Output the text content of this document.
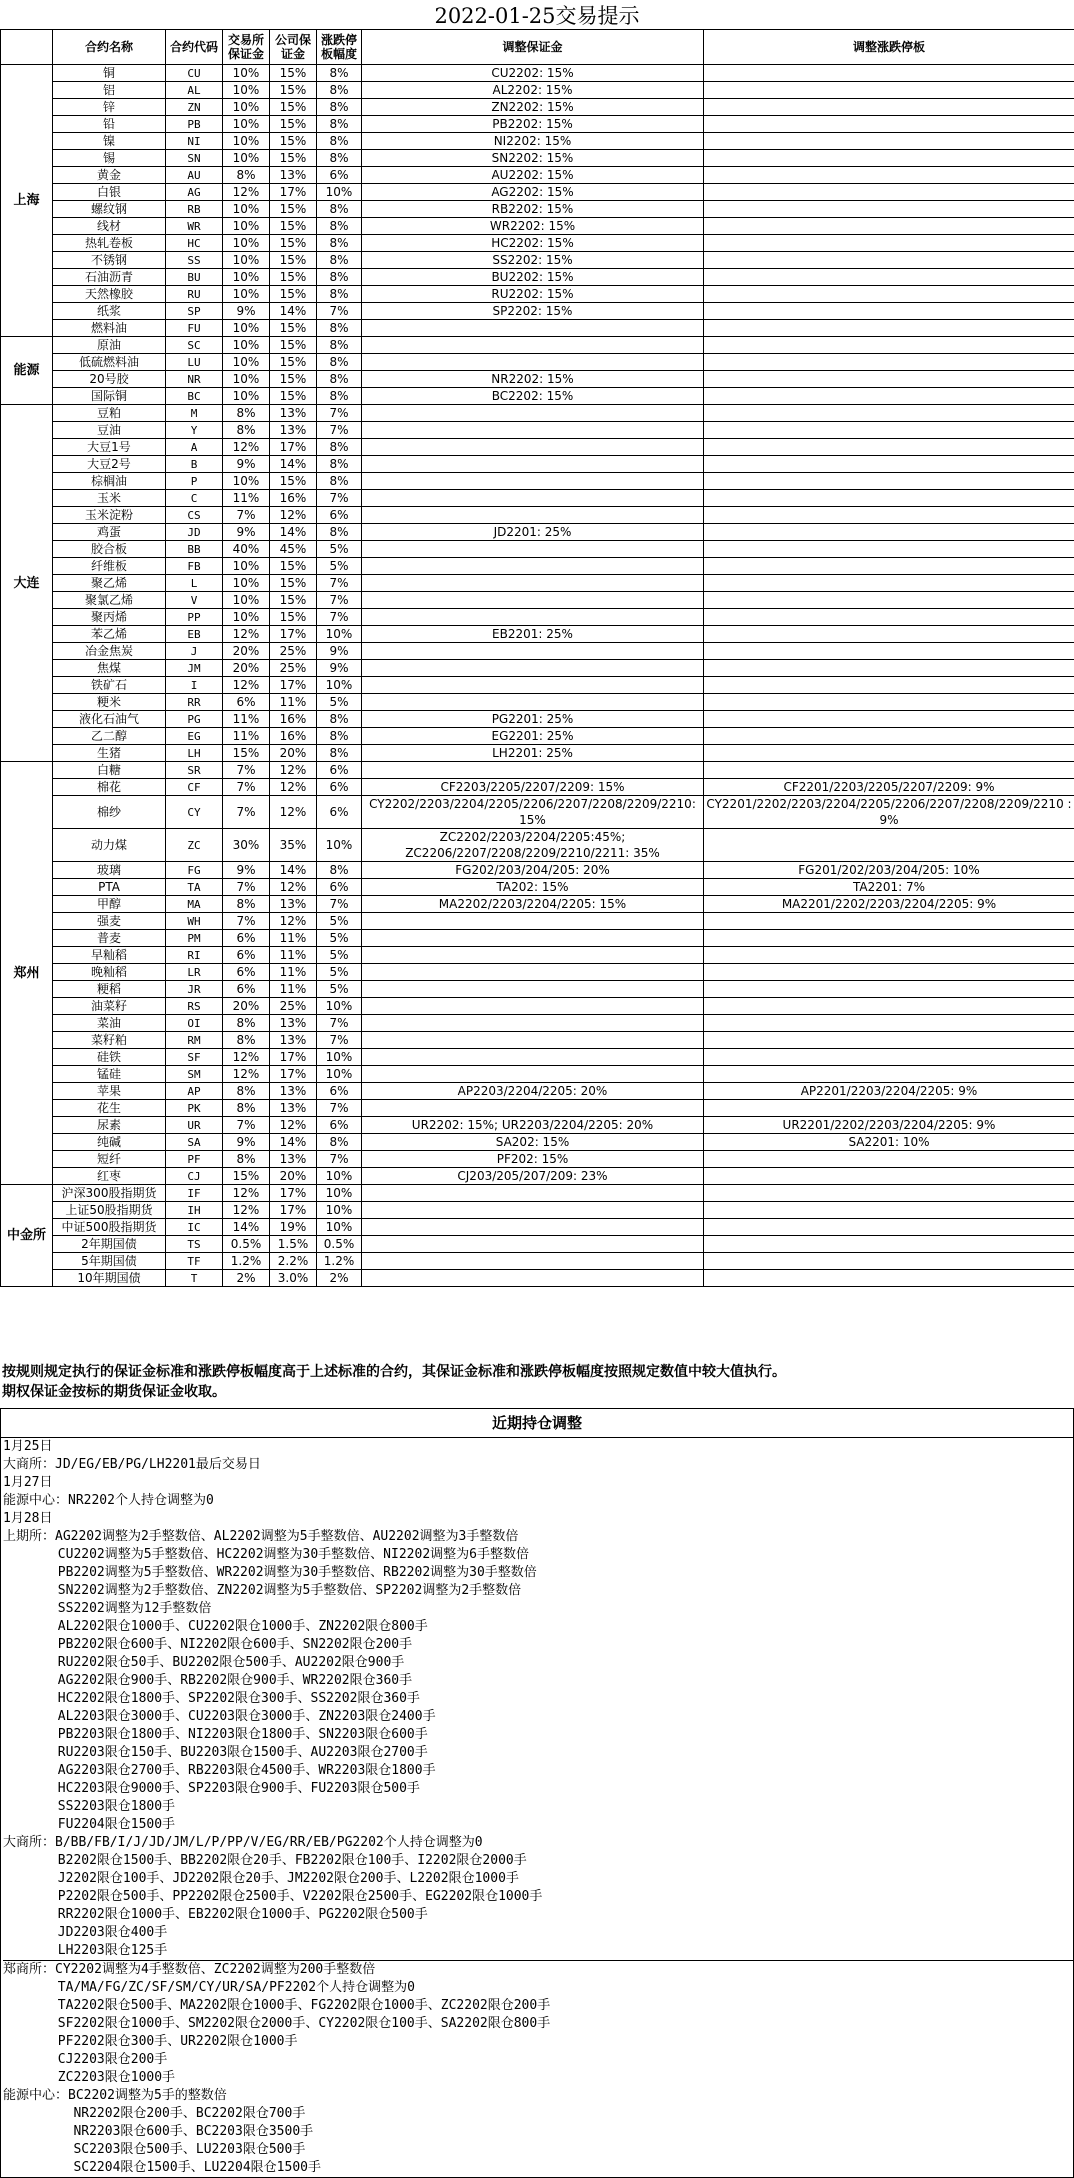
2022-01-25交易提示
	合约名称	合约代码	交易所保证金	公司保证金	涨跌停板幅度	调整保证金	调整涨跌停板
上海	铜	CU	10%	15%	8%	CU2202: 15%	
	铝	AL	10%	15%	8%	AL2202: 15%	
	锌	ZN	10%	15%	8%	ZN2202: 15%	
	铅	PB	10%	15%	8%	PB2202: 15%	
	镍	NI	10%	15%	8%	NI2202: 15%	
	锡	SN	10%	15%	8%	SN2202: 15%	
	黄金	AU	8%	13%	6%	AU2202: 15%	
	白银	AG	12%	17%	10%	AG2202: 15%	
	螺纹钢	RB	10%	15%	8%	RB2202: 15%	
	线材	WR	10%	15%	8%	WR2202: 15%	
	热轧卷板	HC	10%	15%	8%	HC2202: 15%	
	不锈钢	SS	10%	15%	8%	SS2202: 15%	
	石油沥青	BU	10%	15%	8%	BU2202: 15%	
	天然橡胶	RU	10%	15%	8%	RU2202: 15%	
	纸浆	SP	9%	14%	7%	SP2202: 15%	
	燃料油	FU	10%	15%	8%		
能源	原油	SC	10%	15%	8%		
	低硫燃料油	LU	10%	15%	8%		
	20号胶	NR	10%	15%	8%	NR2202: 15%	
	国际铜	BC	10%	15%	8%	BC2202: 15%	
大连	豆粕	M	8%	13%	7%		
	豆油	Y	8%	13%	7%		
	大豆1号	A	12%	17%	8%		
	大豆2号	B	9%	14%	8%		
	棕榈油	P	10%	15%	8%		
	玉米	C	11%	16%	7%		
	玉米淀粉	CS	7%	12%	6%		
	鸡蛋	JD	9%	14%	8%	JD2201: 25%	
	胶合板	BB	40%	45%	5%		
	纤维板	FB	10%	15%	5%		
	聚乙烯	L	10%	15%	7%		
	聚氯乙烯	V	10%	15%	7%		
	聚丙烯	PP	10%	15%	7%		
	苯乙烯	EB	12%	17%	10%	EB2201: 25%	
	冶金焦炭	J	20%	25%	9%		
	焦煤	JM	20%	25%	9%		
	铁矿石	I	12%	17%	10%		
	粳米	RR	6%	11%	5%		
	液化石油气	PG	11%	16%	8%	PG2201: 25%	
	乙二醇	EG	11%	16%	8%	EG2201: 25%	
	生猪	LH	15%	20%	8%	LH2201: 25%	
郑州	白糖	SR	7%	12%	6%		
	棉花	CF	7%	12%	6%	CF2203/2205/2207/2209: 15%	CF2201/2203/2205/2207/2209: 9%
	棉纱	CY	7%	12%	6%	CY2202/2203/2204/2205/2206/2207/2208/2209/2210: 15%	CY2201/2202/2203/2204/2205/2206/2207/2208/2209/2210 : 9%
	动力煤	ZC	30%	35%	10%	ZC2202/2203/2204/2205:45%; ZC2206/2207/2208/2209/2210/2211: 35%	
	玻璃	FG	9%	14%	8%	FG202/203/204/205: 20%	FG201/202/203/204/205: 10%
	PTA	TA	7%	12%	6%	TA202: 15%	TA2201: 7%
	甲醇	MA	8%	13%	7%	MA2202/2203/2204/2205: 15%	MA2201/2202/2203/2204/2205: 9%
	强麦	WH	7%	12%	5%		
	普麦	PM	6%	11%	5%		
	早籼稻	RI	6%	11%	5%		
	晚籼稻	LR	6%	11%	5%		
	粳稻	JR	6%	11%	5%		
	油菜籽	RS	20%	25%	10%		
	菜油	OI	8%	13%	7%		
	菜籽粕	RM	8%	13%	7%		
	硅铁	SF	12%	17%	10%		
	锰硅	SM	12%	17%	10%		
	苹果	AP	8%	13%	6%	AP2203/2204/2205: 20%	AP2201/2203/2204/2205: 9%
	花生	PK	8%	13%	7%		
	尿素	UR	7%	12%	6%	UR2202: 15%; UR2203/2204/2205: 20%	UR2201/2202/2203/2204/2205: 9%
	纯碱	SA	9%	14%	8%	SA202: 15%	SA2201: 10%
	短纤	PF	8%	13%	7%	PF202: 15%	
	红枣	CJ	15%	20%	10%	CJ203/205/207/209: 23%	
中金所	沪深300股指期货	IF	12%	17%	10%		
	上证50股指期货	IH	12%	17%	10%		
	中证500股指期货	IC	14%	19%	10%		
	2年期国债	TS	0.5%	1.5%	0.5%		
	5年期国债	TF	1.2%	2.2%	1.2%		
	10年期国债	T	2%	3.0%	2%		
按规则规定执行的保证金标准和涨跌停板幅度高于上述标准的合约，其保证金标准和涨跌停板幅度按照规定数值中较大值执行。
期权保证金按标的期货保证金收取。
近期持仓调整
1月25日
大商所：JD/EG/EB/PG/LH2201最后交易日
1月27日
能源中心：NR2202个人持仓调整为0
1月28日
上期所：AG2202调整为2手整数倍、AL2202调整为5手整数倍、AU2202调整为3手整数倍
CU2202调整为5手整数倍、HC2202调整为30手整数倍、NI2202调整为6手整数倍
PB2202调整为5手整数倍、WR2202调整为30手整数倍、RB2202调整为30手整数倍
SN2202调整为2手整数倍、ZN2202调整为5手整数倍、SP2202调整为2手整数倍
SS2202调整为12手整数倍
AL2202限仓1000手、CU2202限仓1000手、ZN2202限仓800手
PB2202限仓600手、NI2202限仓600手、SN2202限仓200手
RU2202限仓50手、BU2202限仓500手、AU2202限仓900手
AG2202限仓900手、RB2202限仓900手、WR2202限仓360手
HC2202限仓1800手、SP2202限仓300手、SS2202限仓360手
AL2203限仓3000手、CU2203限仓3000手、ZN2203限仓2400手
PB2203限仓1800手、NI2203限仓1800手、SN2203限仓600手
RU2203限仓150手、BU2203限仓1500手、AU2203限仓2700手
AG2203限仓2700手、RB2203限仓4500手、WR2203限仓1800手
HC2203限仓9000手、SP2203限仓900手、FU2203限仓500手
SS2203限仓1800手
FU2204限仓1500手
大商所：B/BB/FB/I/J/JD/JM/L/P/PP/V/EG/RR/EB/PG2202个人持仓调整为0
B2202限仓1500手、BB2202限仓20手、FB2202限仓100手、I2202限仓2000手
J2202限仓100手、JD2202限仓20手、JM2202限仓200手、L2202限仓1000手
P2202限仓500手、PP2202限仓2500手、V2202限仓2500手、EG2202限仓1000手
RR2202限仓1000手、EB2202限仓1000手、PG2202限仓500手
JD2203限仓400手
LH2203限仓125手
郑商所：CY2202调整为4手整数倍、ZC2202调整为200手整数倍
TA/MA/FG/ZC/SF/SM/CY/UR/SA/PF2202个人持仓调整为0
TA2202限仓500手、MA2202限仓1000手、FG2202限仓1000手、ZC2202限仓200手
SF2202限仓1000手、SM2202限仓2000手、CY2202限仓100手、SA2202限仓800手
PF2202限仓300手、UR2202限仓1000手
CJ2203限仓200手
ZC2203限仓1000手
能源中心：BC2202调整为5手的整数倍
NR2202限仓200手、BC2202限仓700手
NR2203限仓600手、BC2203限仓3500手
SC2203限仓500手、LU2203限仓500手
SC2204限仓1500手、LU2204限仓1500手
